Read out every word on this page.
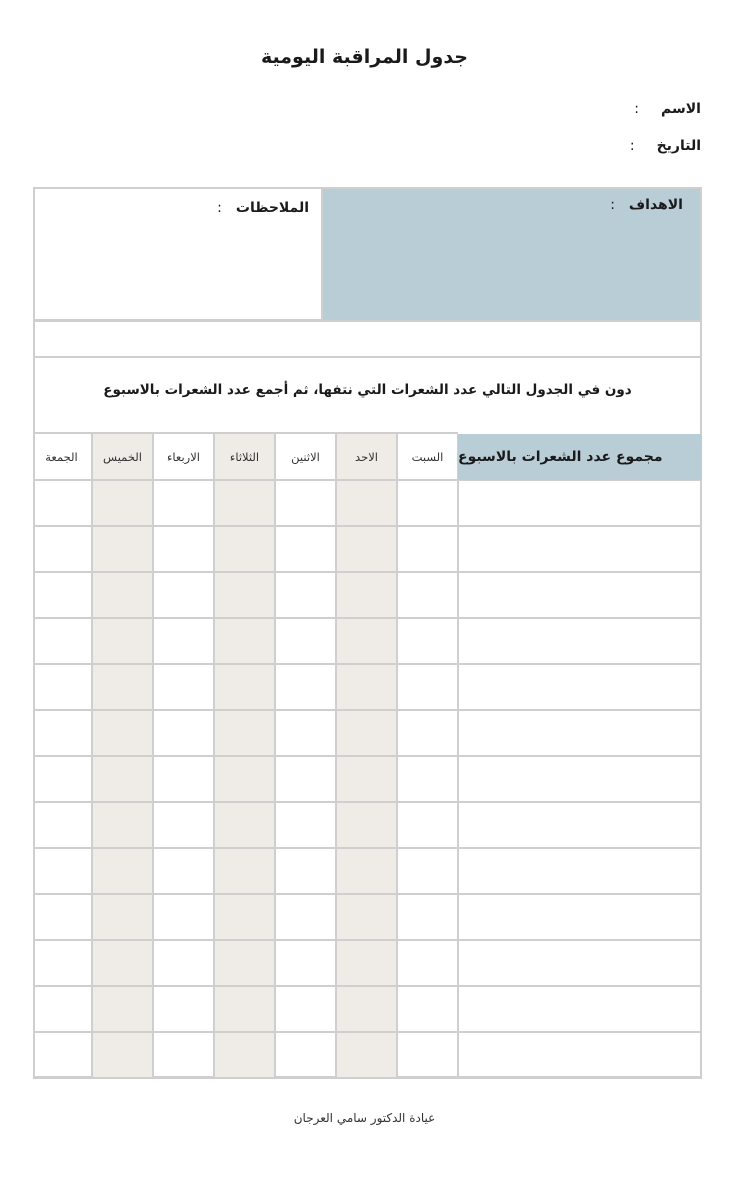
جدول المراقبة اليومية
الاسم
:
التاريخ
:
الاهداف
:
الملاحظات
:
دون في الجدول التالي عدد الشعرات التي نتفها، ثم أجمع عدد الشعرات بالاسبوع
السبت
الاحد
الاثنين
الثلاثاء
الاربعاء
الخميس
الجمعة	مجموع عدد الشعرات بالاسبوع
عيادة الدكتور سامي العرجان
